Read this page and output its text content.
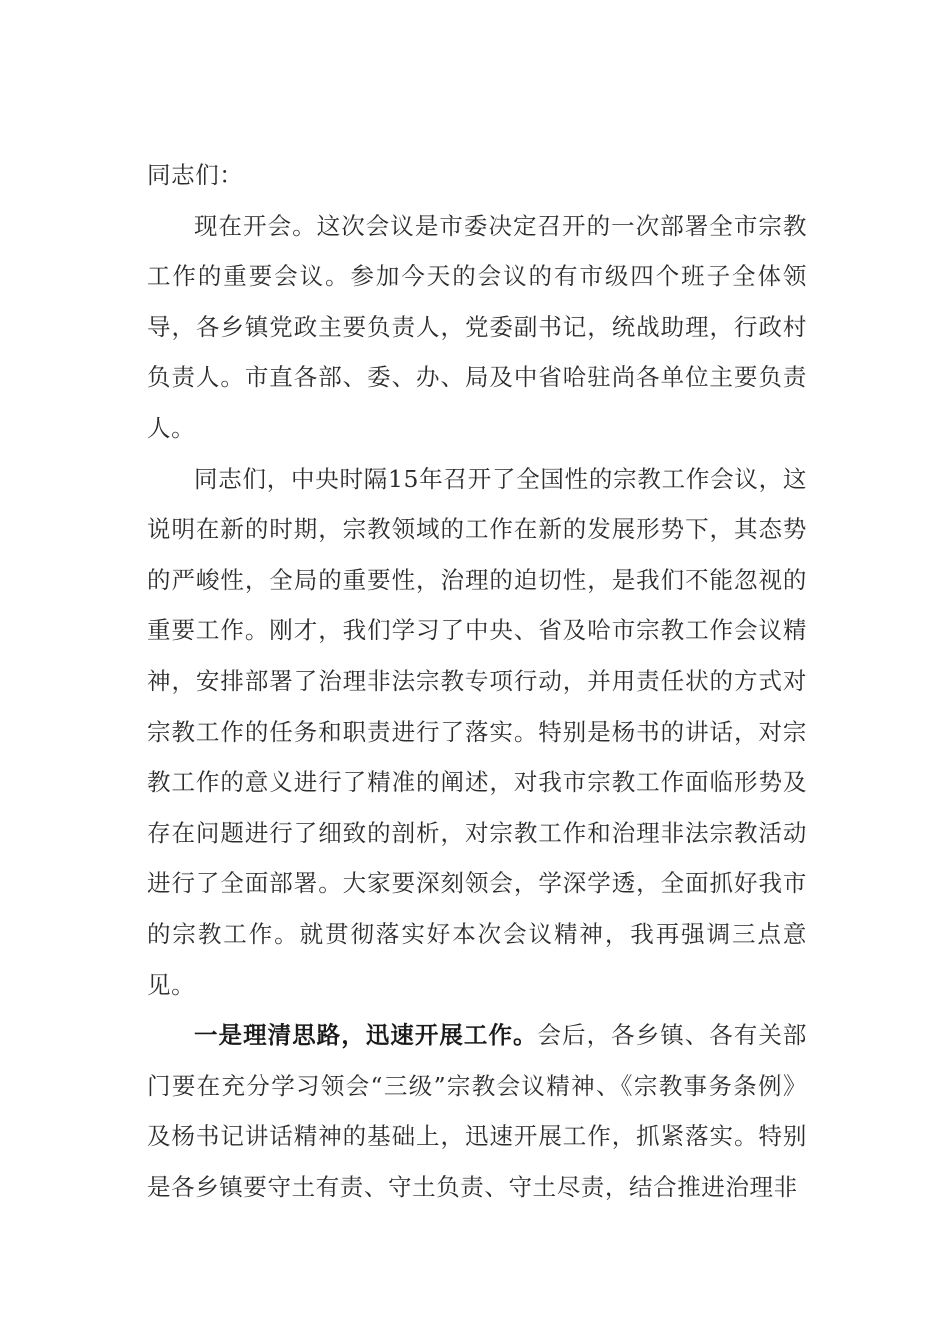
同志们：

现在开会。这次会议是市委决定召开的一次部署全市宗教工作的重要会议。参加今天的会议的有市级四个班子全体领导，各乡镇党政主要负责人，党委副书记，统战助理，行政村负责人。市直各部、委、办、局及中省哈驻尚各单位主要负责人。

同志们，中央时隔15年召开了全国性的宗教工作会议，这说明在新的时期，宗教领域的工作在新的发展形势下，其态势的严峻性，全局的重要性，治理的迫切性，是我们不能忽视的重要工作。刚才，我们学习了中央、省及哈市宗教工作会议精神，安排部署了治理非法宗教专项行动，并用责任状的方式对宗教工作的任务和职责进行了落实。特别是杨书的讲话，对宗教工作的意义进行了精准的阐述，对我市宗教工作面临形势及存在问题进行了细致的剖析，对宗教工作和治理非法宗教活动进行了全面部署。大家要深刻领会，学深学透，全面抓好我市的宗教工作。就贯彻落实好本次会议精神，我再强调三点意见。

一是理清思路，迅速开展工作。会后，各乡镇、各有关部门要在充分学习领会“三级”宗教会议精神、《宗教事务条例》及杨书记讲话精神的基础上，迅速开展工作，抓紧落实。特别是各乡镇要守土有责、守土负责、守土尽责，结合推进治理非
